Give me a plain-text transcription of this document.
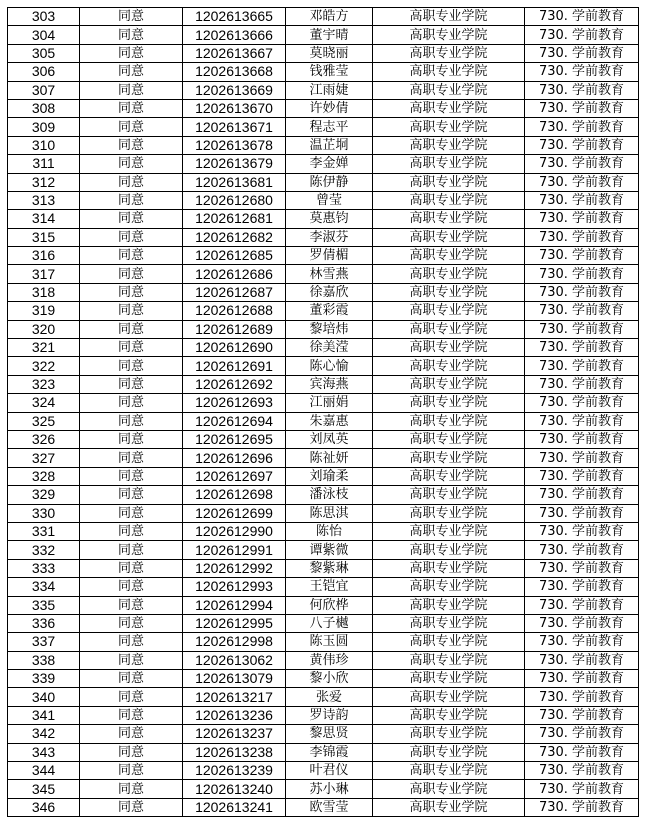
303	同意	1202613665	邓皓方	高职专业学院	730. 学前教育
304	同意	1202613666	董宇晴	高职专业学院	730. 学前教育
305	同意	1202613667	莫晓丽	高职专业学院	730. 学前教育
306	同意	1202613668	钱雅莹	高职专业学院	730. 学前教育
307	同意	1202613669	江雨婕	高职专业学院	730. 学前教育
308	同意	1202613670	许妙倩	高职专业学院	730. 学前教育
309	同意	1202613671	程志平	高职专业学院	730. 学前教育
310	同意	1202613678	温芷垌	高职专业学院	730. 学前教育
311	同意	1202613679	李金婵	高职专业学院	730. 学前教育
312	同意	1202613681	陈伊静	高职专业学院	730. 学前教育
313	同意	1202612680	曾莹	高职专业学院	730. 学前教育
314	同意	1202612681	莫惠钧	高职专业学院	730. 学前教育
315	同意	1202612682	李淑芬	高职专业学院	730. 学前教育
316	同意	1202612685	罗倩楣	高职专业学院	730. 学前教育
317	同意	1202612686	林雪燕	高职专业学院	730. 学前教育
318	同意	1202612687	徐嘉欣	高职专业学院	730. 学前教育
319	同意	1202612688	董彩霞	高职专业学院	730. 学前教育
320	同意	1202612689	黎培炜	高职专业学院	730. 学前教育
321	同意	1202612690	徐美滢	高职专业学院	730. 学前教育
322	同意	1202612691	陈心愉	高职专业学院	730. 学前教育
323	同意	1202612692	宾海燕	高职专业学院	730. 学前教育
324	同意	1202612693	江丽娟	高职专业学院	730. 学前教育
325	同意	1202612694	朱嘉惠	高职专业学院	730. 学前教育
326	同意	1202612695	刘凤英	高职专业学院	730. 学前教育
327	同意	1202612696	陈祉妍	高职专业学院	730. 学前教育
328	同意	1202612697	刘瑜柔	高职专业学院	730. 学前教育
329	同意	1202612698	潘泳枝	高职专业学院	730. 学前教育
330	同意	1202612699	陈思淇	高职专业学院	730. 学前教育
331	同意	1202612990	陈怡	高职专业学院	730. 学前教育
332	同意	1202612991	谭紫微	高职专业学院	730. 学前教育
333	同意	1202612992	黎紫琳	高职专业学院	730. 学前教育
334	同意	1202612993	王铠宜	高职专业学院	730. 学前教育
335	同意	1202612994	何欣桦	高职专业学院	730. 学前教育
336	同意	1202612995	八子樾	高职专业学院	730. 学前教育
337	同意	1202612998	陈玉圆	高职专业学院	730. 学前教育
338	同意	1202613062	黄伟珍	高职专业学院	730. 学前教育
339	同意	1202613079	黎小欣	高职专业学院	730. 学前教育
340	同意	1202613217	张爱	高职专业学院	730. 学前教育
341	同意	1202613236	罗诗韵	高职专业学院	730. 学前教育
342	同意	1202613237	黎思贤	高职专业学院	730. 学前教育
343	同意	1202613238	李锦霞	高职专业学院	730. 学前教育
344	同意	1202613239	叶君仪	高职专业学院	730. 学前教育
345	同意	1202613240	苏小琳	高职专业学院	730. 学前教育
346	同意	1202613241	欧雪莹	高职专业学院	730. 学前教育
